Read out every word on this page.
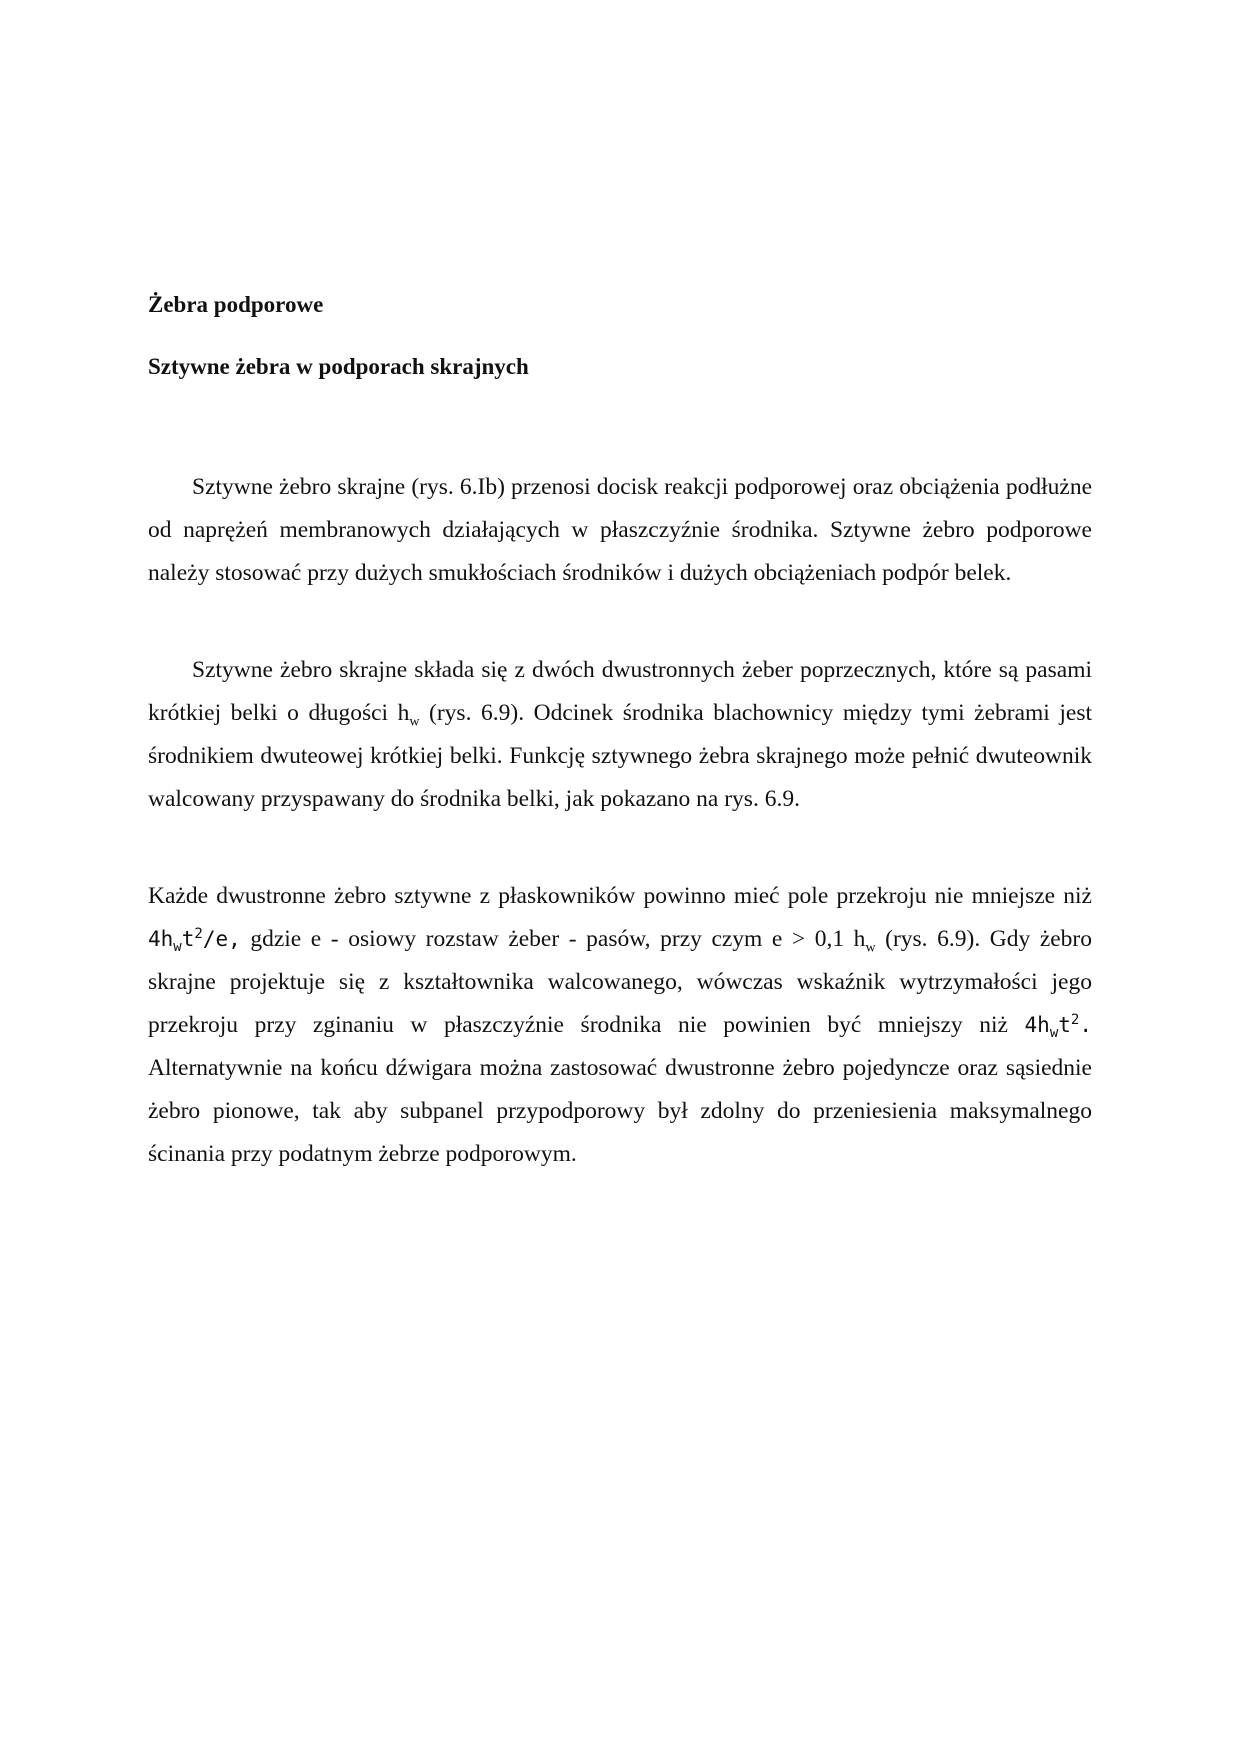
Żebra podporowe
Sztywne żebra w podporach skrajnych

Sztywne żebro skrajne (rys. 6.Ib) przenosi docisk reakcji podporowej oraz obciążenia podłużne od naprężeń membranowych działających w płaszczyźnie środnika. Sztywne żebro podporowe należy stosować przy dużych smukłościach środników i dużych obciążeniach podpór belek.

Sztywne żebro skrajne składa się z dwóch dwustronnych żeber poprzecznych, które są pasami krótkiej belki o długości $h_w$ (rys. 6.9). Odcinek środnika blachownicy między tymi żebrami jest środnikiem dwuteowej krótkiej belki. Funkcję sztywnego żebra skrajnego może pełnić dwuteownik walcowany przyspawany do środnika belki, jak pokazano na rys. 6.9.

Każde dwustronne żebro sztywne z płaskowników powinno mieć pole przekroju nie mniejsze niż $4h_wt^2/e$, gdzie e - osiowy rozstaw żeber - pasów, przy czym e > 0,1 $h_w$ (rys. 6.9). Gdy żebro skrajne projektuje się z kształtownika walcowanego, wówczas wskaźnik wytrzymałości jego przekroju przy zginaniu w płaszczyźnie środnika nie powinien być mniejszy niż $4h_wt^2$. Alternatywnie na końcu dźwigara można zastosować dwustronne żebro pojedyncze oraz sąsiednie żebro pionowe, tak aby subpanel przypodporowy był zdolny do przeniesienia maksymalnego ścinania przy podatnym żebrze podporowym.
